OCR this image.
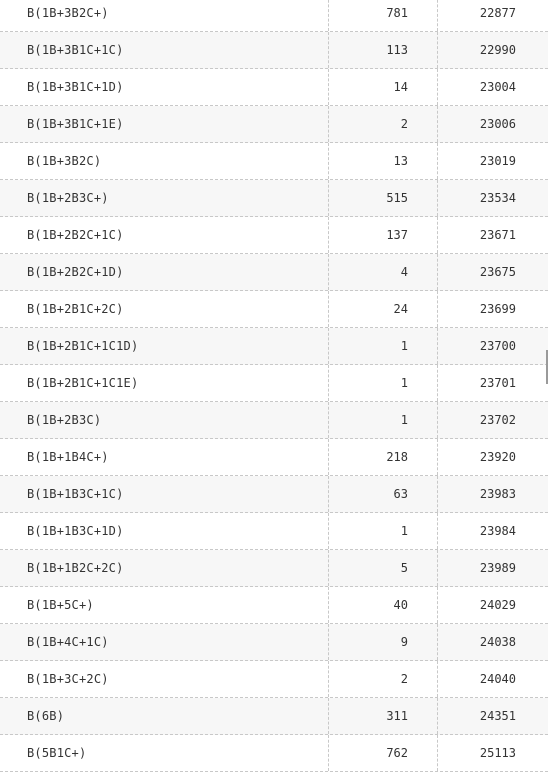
B(1B+3B2C+)	781	22877
B(1B+3B1C+1C)	113	22990
B(1B+3B1C+1D)	14	23004
B(1B+3B1C+1E)	2	23006
B(1B+3B2C)	13	23019
B(1B+2B3C+)	515	23534
B(1B+2B2C+1C)	137	23671
B(1B+2B2C+1D)	4	23675
B(1B+2B1C+2C)	24	23699
B(1B+2B1C+1C1D)	1	23700
B(1B+2B1C+1C1E)	1	23701
B(1B+2B3C)	1	23702
B(1B+1B4C+)	218	23920
B(1B+1B3C+1C)	63	23983
B(1B+1B3C+1D)	1	23984
B(1B+1B2C+2C)	5	23989
B(1B+5C+)	40	24029
B(1B+4C+1C)	9	24038
B(1B+3C+2C)	2	24040
B(6B)	311	24351
B(5B1C+)	762	25113
